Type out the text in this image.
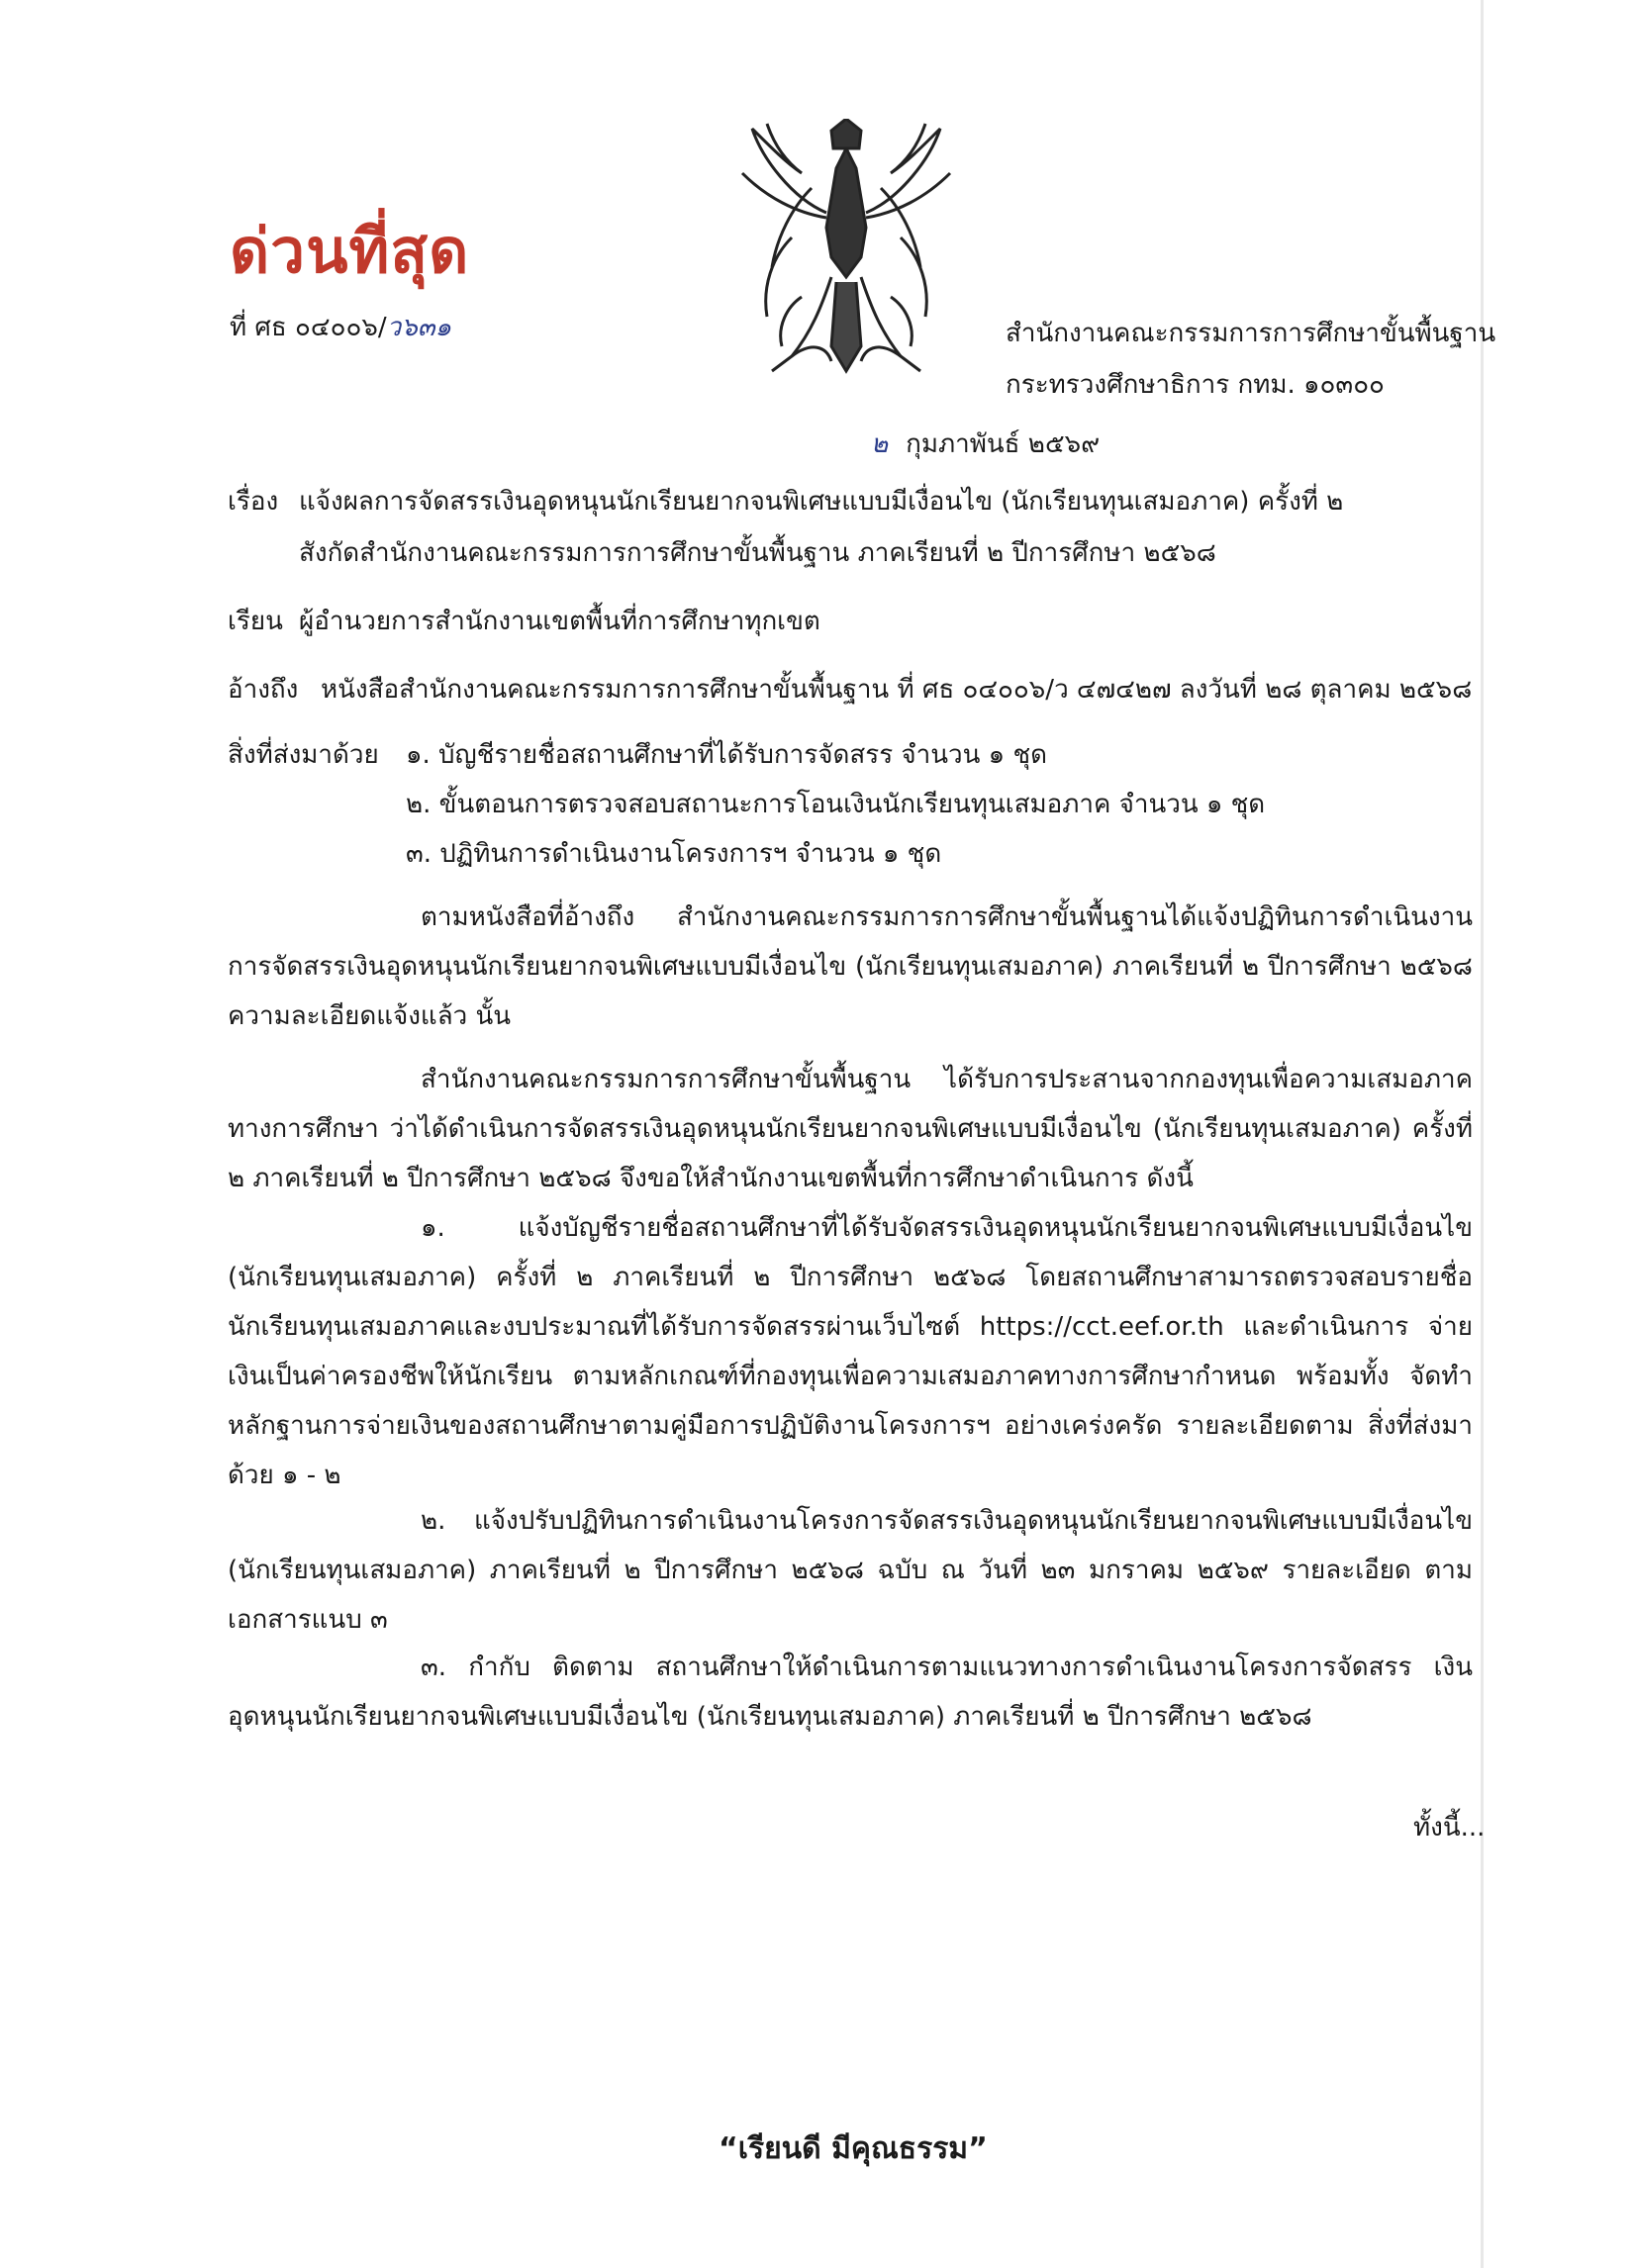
ด่วนที่สุด
ที่ ศธ ๐๔๐๐๖/ว๖๓๑	สำนักงานคณะกรรมการการศึกษาขั้นพื้นฐาน
กระทรวงศึกษาธิการ กทม. ๑๐๓๐๐
๒ กุมภาพันธ์ ๒๕๖๙
เรื่อง แจ้งผลการจัดสรรเงินอุดหนุนนักเรียนยากจนพิเศษแบบมีเงื่อนไข (นักเรียนทุนเสมอภาค) ครั้งที่ ๒
สังกัดสำนักงานคณะกรรมการการศึกษาขั้นพื้นฐาน ภาคเรียนที่ ๒ ปีการศึกษา ๒๕๖๘
เรียน ผู้อำนวยการสำนักงานเขตพื้นที่การศึกษาทุกเขต
อ้างถึง หนังสือสำนักงานคณะกรรมการการศึกษาขั้นพื้นฐาน ที่ ศธ ๐๔๐๐๖/ว ๔๗๔๒๗ ลงวันที่ ๒๘ ตุลาคม ๒๕๖๘
สิ่งที่ส่งมาด้วย ๑. บัญชีรายชื่อสถานศึกษาที่ได้รับการจัดสรร จำนวน ๑ ชุด
๒. ขั้นตอนการตรวจสอบสถานะการโอนเงินนักเรียนทุนเสมอภาค จำนวน ๑ ชุด
๓. ปฏิทินการดำเนินงานโครงการฯ จำนวน ๑ ชุด
ตามหนังสือที่อ้างถึง สำนักงานคณะกรรมการการศึกษาขั้นพื้นฐานได้แจ้งปฏิทินการดำเนินงาน การจัดสรรเงินอุดหนุนนักเรียนยากจนพิเศษแบบมีเงื่อนไข (นักเรียนทุนเสมอภาค) ภาคเรียนที่ ๒ ปีการศึกษา ๒๕๖๘ ความละเอียดแจ้งแล้ว นั้น
สำนักงานคณะกรรมการการศึกษาขั้นพื้นฐาน ได้รับการประสานจากกองทุนเพื่อความเสมอภาค ทางการศึกษา ว่าได้ดำเนินการจัดสรรเงินอุดหนุนนักเรียนยากจนพิเศษแบบมีเงื่อนไข (นักเรียนทุนเสมอภาค) ครั้งที่ ๒ ภาคเรียนที่ ๒ ปีการศึกษา ๒๕๖๘ จึงขอให้สำนักงานเขตพื้นที่การศึกษาดำเนินการ ดังนี้
๑. แจ้งบัญชีรายชื่อสถานศึกษาที่ได้รับจัดสรรเงินอุดหนุนนักเรียนยากจนพิเศษแบบมีเงื่อนไข (นักเรียนทุนเสมอภาค) ครั้งที่ ๒ ภาคเรียนที่ ๒ ปีการศึกษา ๒๕๖๘ โดยสถานศึกษาสามารถตรวจสอบรายชื่อ นักเรียนทุนเสมอภาคและงบประมาณที่ได้รับการจัดสรรผ่านเว็บไซต์ https://cct.eef.or.th และดำเนินการ จ่ายเงินเป็นค่าครองชีพให้นักเรียน ตามหลักเกณฑ์ที่กองทุนเพื่อความเสมอภาคทางการศึกษากำหนด พร้อมทั้ง จัดทำหลักฐานการจ่ายเงินของสถานศึกษาตามคู่มือการปฏิบัติงานโครงการฯ อย่างเคร่งครัด รายละเอียดตาม สิ่งที่ส่งมาด้วย ๑ - ๒
๒. แจ้งปรับปฏิทินการดำเนินงานโครงการจัดสรรเงินอุดหนุนนักเรียนยากจนพิเศษแบบมีเงื่อนไข (นักเรียนทุนเสมอภาค) ภาคเรียนที่ ๒ ปีการศึกษา ๒๕๖๘ ฉบับ ณ วันที่ ๒๓ มกราคม ๒๕๖๙ รายละเอียด ตามเอกสารแนบ ๓
๓. กำกับ ติดตาม สถานศึกษาให้ดำเนินการตามแนวทางการดำเนินงานโครงการจัดสรร เงินอุดหนุนนักเรียนยากจนพิเศษแบบมีเงื่อนไข (นักเรียนทุนเสมอภาค) ภาคเรียนที่ ๒ ปีการศึกษา ๒๕๖๘
ทั้งนี้...
“เรียนดี มีคุณธรรม”
